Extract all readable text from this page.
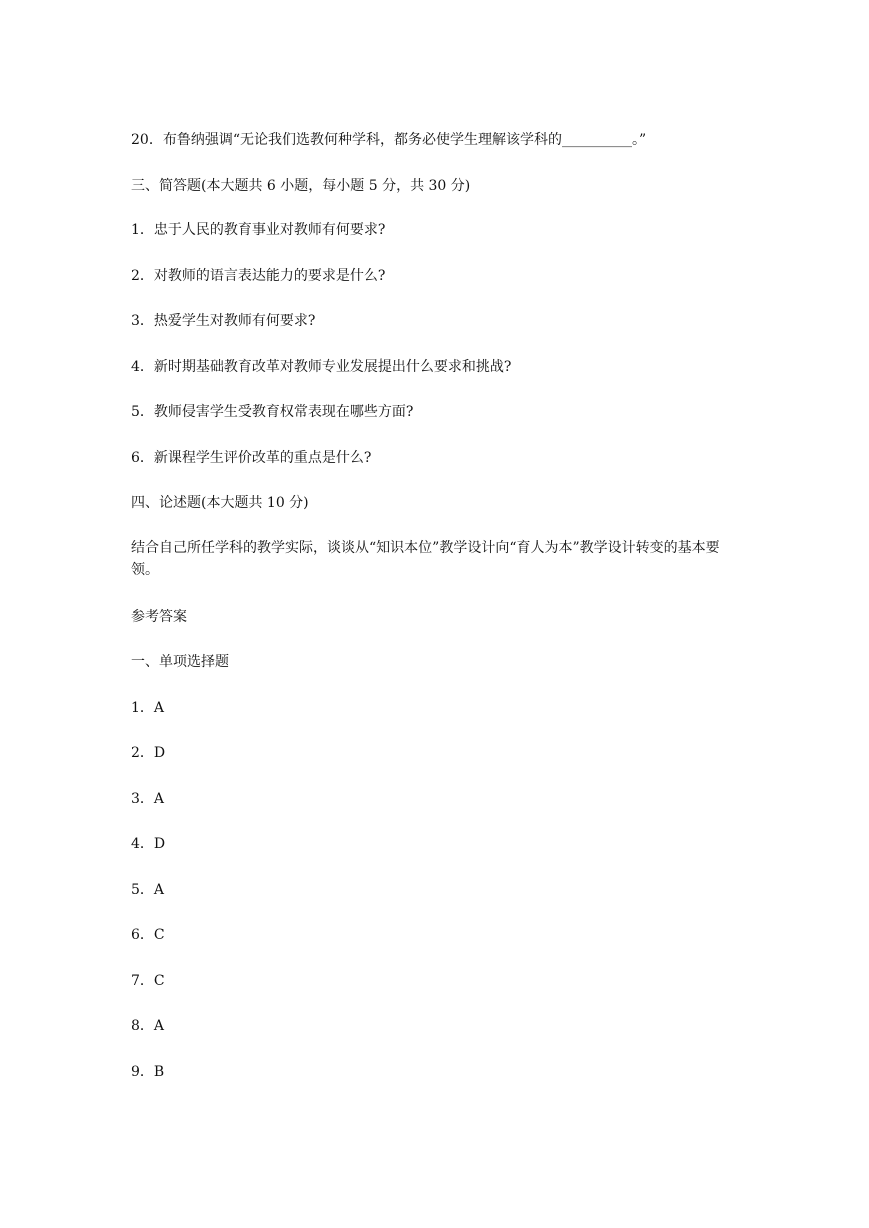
20．布鲁纳强调“无论我们选教何种学科，都务必使学生理解该学科的__________。”
三、简答题(本大题共 6 小题，每小题 5 分，共 30 分)
1．忠于人民的教育事业对教师有何要求?
2．对教师的语言表达能力的要求是什么?
3．热爱学生对教师有何要求?
4．新时期基础教育改革对教师专业发展提出什么要求和挑战?
5．教师侵害学生受教育权常表现在哪些方面?
6．新课程学生评价改革的重点是什么?
四、论述题(本大题共 10 分)
结合自己所任学科的教学实际，谈谈从“知识本位”教学设计向“育人为本”教学设计转变的基本要领。
参考答案
一、单项选择题
1．A
2．D
3．A
4．D
5．A
6．C
7．C
8．A
9．B
